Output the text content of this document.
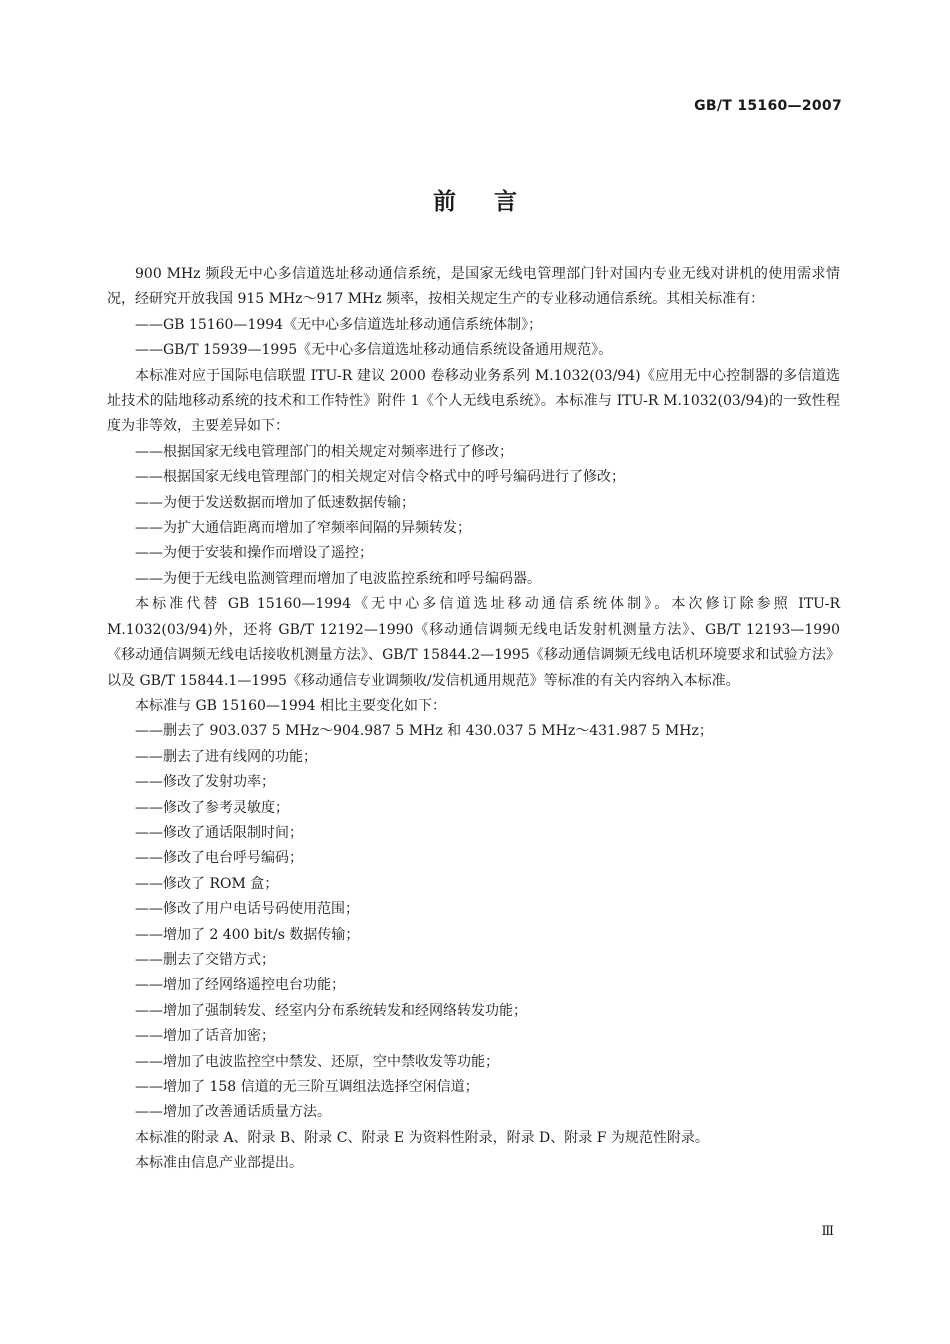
GB/T 15160—2007
前言

900 MHz 频段无中心多信道选址移动通信系统，是国家无线电管理部门针对国内专业无线对讲机的使用需求情况，经研究开放我国 915 MHz～917 MHz 频率，按相关规定生产的专业移动通信系统。其相关标准有：

——GB 15160—1994《无中心多信道选址移动通信系统体制》；

——GB/T 15939—1995《无中心多信道选址移动通信系统设备通用规范》。

本标准对应于国际电信联盟 ITU-R 建议 2000 卷移动业务系列 M.1032(03/94)《应用无中心控制器的多信道选址技术的陆地移动系统的技术和工作特性》附件 1《个人无线电系统》。本标准与 ITU-R M.1032(03/94)的一致性程度为非等效，主要差异如下：

——根据国家无线电管理部门的相关规定对频率进行了修改；

——根据国家无线电管理部门的相关规定对信令格式中的呼号编码进行了修改；

——为便于发送数据而增加了低速数据传输；

——为扩大通信距离而增加了窄频率间隔的异频转发；

——为便于安装和操作而增设了遥控；

——为便于无线电监测管理而增加了电波监控系统和呼号编码器。

本标准代替 GB 15160—1994《无中心多信道选址移动通信系统体制》。本次修订除参照 ITU-R M.1032(03/94)外，还将 GB/T 12192—1990《移动通信调频无线电话发射机测量方法》、GB/T 12193—1990《移动通信调频无线电话接收机测量方法》、GB/T 15844.2—1995《移动通信调频无线电话机环境要求和试验方法》以及 GB/T 15844.1—1995《移动通信专业调频收/发信机通用规范》等标准的有关内容纳入本标准。

本标准与 GB 15160—1994 相比主要变化如下：

——删去了 903.037 5 MHz～904.987 5 MHz 和 430.037 5 MHz～431.987 5 MHz；

——删去了进有线网的功能；

——修改了发射功率；

——修改了参考灵敏度；

——修改了通话限制时间；

——修改了电台呼号编码；

——修改了 ROM 盒；

——修改了用户电话号码使用范围；

——增加了 2 400 bit/s 数据传输；

——删去了交错方式；

——增加了经网络遥控电台功能；

——增加了强制转发、经室内分布系统转发和经网络转发功能；

——增加了话音加密；

——增加了电波监控空中禁发、还原，空中禁收发等功能；

——增加了 158 信道的无三阶互调组法选择空闲信道；

——增加了改善通话质量方法。

本标准的附录 A、附录 B、附录 C、附录 E 为资料性附录，附录 D、附录 F 为规范性附录。

本标准由信息产业部提出。

Ⅲ
